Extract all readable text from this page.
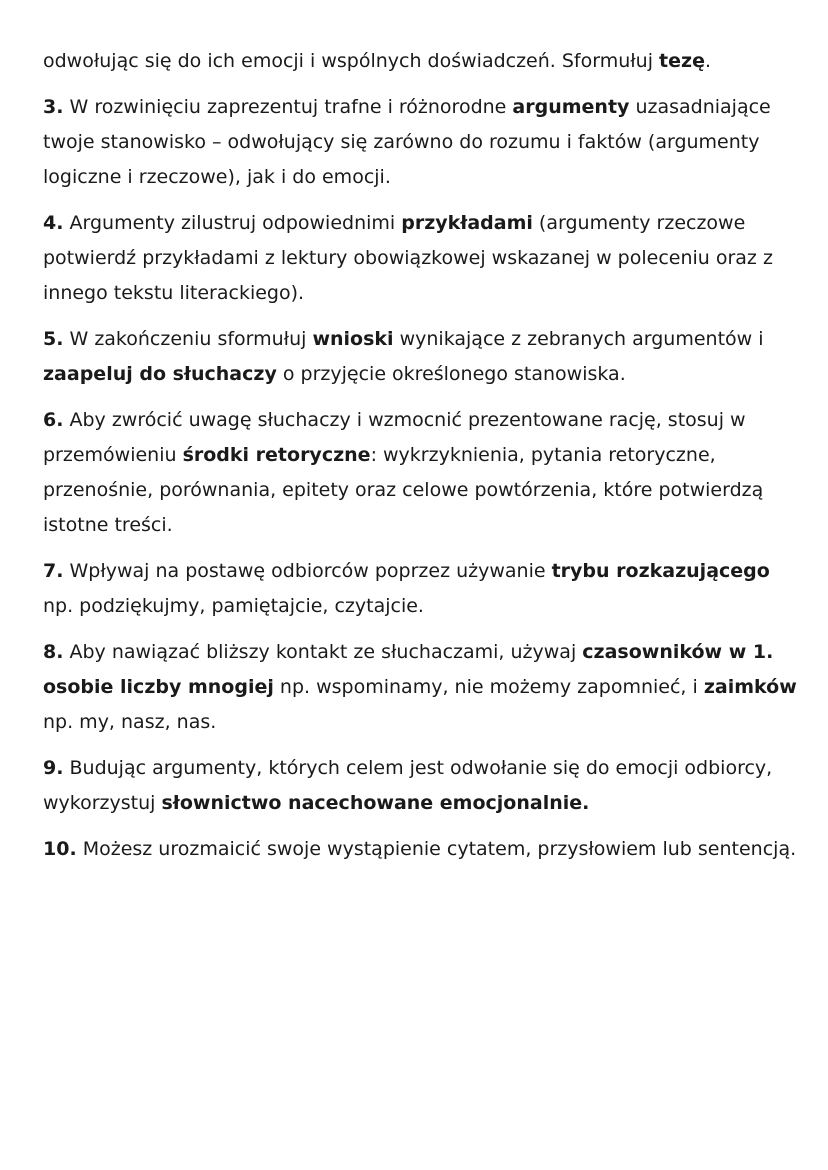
odwołując się do ich emocji i wspólnych doświadczeń. Sformułuj tezę.

3. W rozwinięciu zaprezentuj trafne i różnorodne argumenty uzasadniające twoje stanowisko – odwołujący się zarówno do rozumu i faktów (argumenty logiczne i rzeczowe), jak i do emocji.

4. Argumenty zilustruj odpowiednimi przykładami (argumenty rzeczowe potwierdź przykładami z lektury obowiązkowej wskazanej w poleceniu oraz z innego tekstu literackiego).

5. W zakończeniu sformułuj wnioski wynikające z zebranych argumentów i zaapeluj do słuchaczy o przyjęcie określonego stanowiska.

6. Aby zwrócić uwagę słuchaczy i wzmocnić prezentowane rację, stosuj w przemówieniu środki retoryczne: wykrzyknienia, pytania retoryczne, przenośnie, porównania, epitety oraz celowe powtórzenia, które potwierdzą istotne treści.

7. Wpływaj na postawę odbiorców poprzez używanie trybu rozkazującego np. podziękujmy, pamiętajcie, czytajcie.

8. Aby nawiązać bliższy kontakt ze słuchaczami, używaj czasowników w 1. osobie liczby mnogiej np. wspominamy, nie możemy zapomnieć, i zaimków np. my, nasz, nas.

9. Budując argumenty, których celem jest odwołanie się do emocji odbiorcy, wykorzystuj słownictwo nacechowane emocjonalnie.

10. Możesz urozmaicić swoje wystąpienie cytatem, przysłowiem lub sentencją.
